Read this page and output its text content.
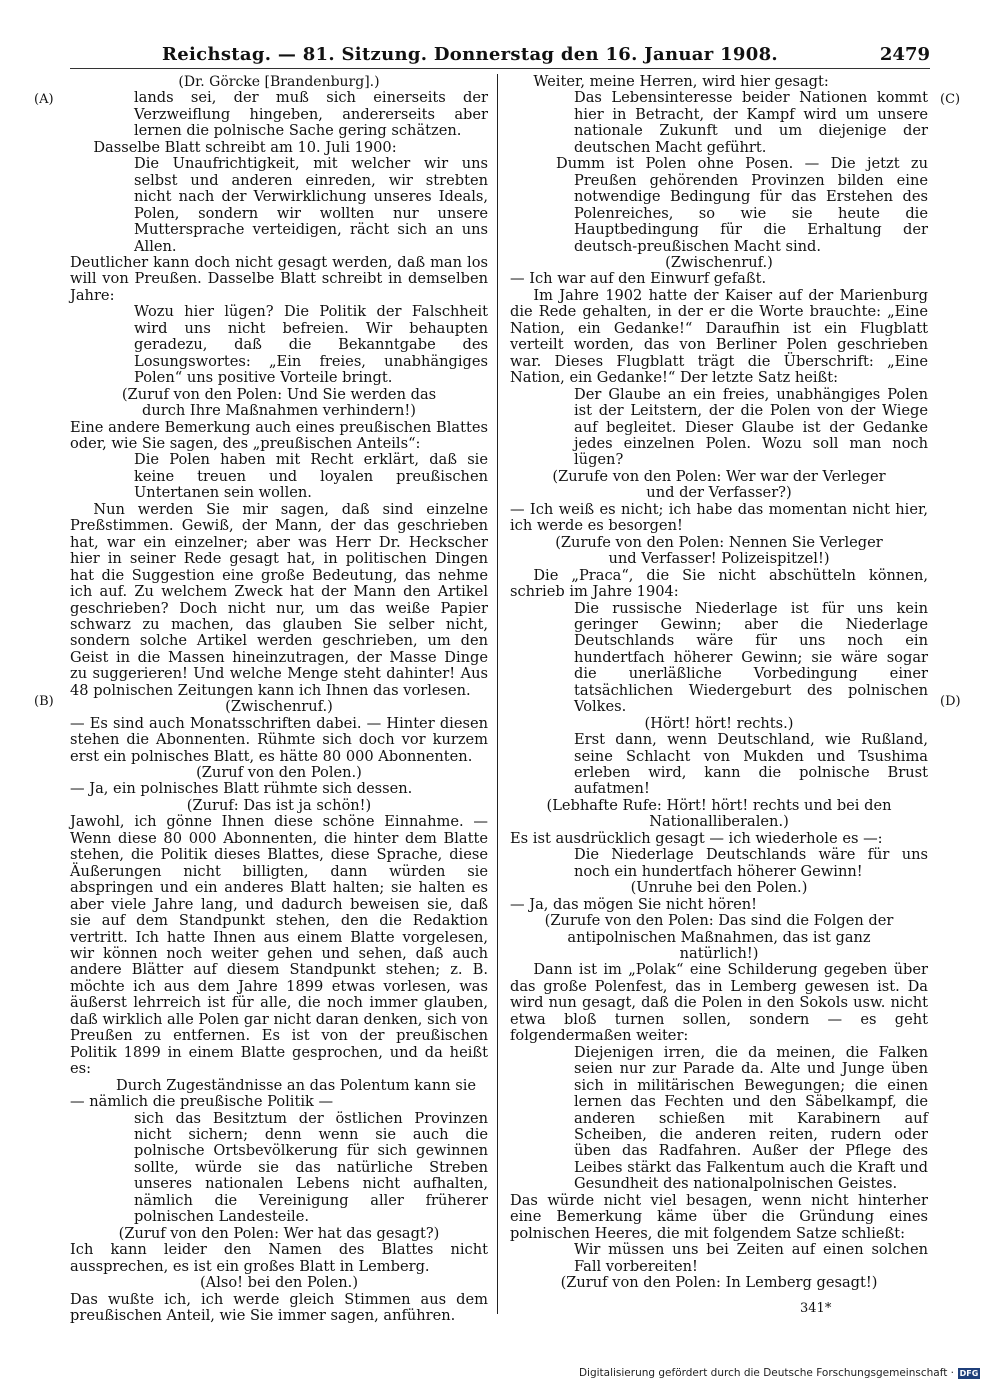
Reichstag. — 81. Sitzung. Donnerstag den 16. Januar 1908.	2479
(A)
(B)
(C)
(D)

(Dr. Görcke [Brandenburg].)

lands sei, der muß sich einerseits der Verzweiflung hingeben, andererseits aber lernen die polnische Sache gering schätzen.

Dasselbe Blatt schreibt am 10. Juli 1900:

Die Unaufrichtigkeit, mit welcher wir uns selbst und anderen einreden, wir strebten nicht nach der Verwirklichung unseres Ideals, Polen, sondern wir wollten nur unsere Muttersprache verteidigen, rächt sich an uns Allen.

Deutlicher kann doch nicht gesagt werden, daß man los will von Preußen. Dasselbe Blatt schreibt in demselben Jahre:

Wozu hier lügen? Die Politik der Falschheit wird uns nicht befreien. Wir behaupten geradezu, daß die Bekanntgabe des Losungswortes: „Ein freies, unabhängiges Polen“ uns positive Vorteile bringt.

(Zuruf von den Polen: Und Sie werden das durch Ihre Maßnahmen verhindern!)

Eine andere Bemerkung auch eines preußischen Blattes oder, wie Sie sagen, des „preußischen Anteils“:

Die Polen haben mit Recht erklärt, daß sie keine treuen und loyalen preußischen Untertanen sein wollen.

Nun werden Sie mir sagen, daß sind einzelne Preßstimmen. Gewiß, der Mann, der das geschrieben hat, war ein einzelner; aber was Herr Dr. Heckscher hier in seiner Rede gesagt hat, in politischen Dingen hat die Suggestion eine große Bedeutung, das nehme ich auf. Zu welchem Zweck hat der Mann den Artikel geschrieben? Doch nicht nur, um das weiße Papier schwarz zu machen, das glauben Sie selber nicht, sondern solche Artikel werden geschrieben, um den Geist in die Massen hineinzutragen, der Masse Dinge zu suggerieren! Und welche Menge steht dahinter! Aus 48 polnischen Zeitungen kann ich Ihnen das vorlesen.

(Zwischenruf.)

— Es sind auch Monatsschriften dabei. — Hinter diesen stehen die Abonnenten. Rühmte sich doch vor kurzem erst ein polnisches Blatt, es hätte 80 000 Abonnenten.

(Zuruf von den Polen.)

— Ja, ein polnisches Blatt rühmte sich dessen.

(Zuruf: Das ist ja schön!)

Jawohl, ich gönne Ihnen diese schöne Einnahme. — Wenn diese 80 000 Abonnenten, die hinter dem Blatte stehen, die Politik dieses Blattes, diese Sprache, diese Äußerungen nicht billigten, dann würden sie abspringen und ein anderes Blatt halten; sie halten es aber viele Jahre lang, und dadurch beweisen sie, daß sie auf dem Standpunkt stehen, den die Redaktion vertritt. Ich hatte Ihnen aus einem Blatte vorgelesen, wir können noch weiter gehen und sehen, daß auch andere Blätter auf diesem Standpunkt stehen; z. B. möchte ich aus dem Jahre 1899 etwas vorlesen, was äußerst lehrreich ist für alle, die noch immer glauben, daß wirklich alle Polen gar nicht daran denken, sich von Preußen zu entfernen. Es ist von der preußischen Politik 1899 in einem Blatte gesprochen, und da heißt es:

Durch Zugeständnisse an das Polentum kann sie

— nämlich die preußische Politik —

sich das Besitztum der östlichen Provinzen nicht sichern; denn wenn sie auch die polnische Ortsbevölkerung für sich gewinnen sollte, würde sie das natürliche Streben unseres nationalen Lebens nicht aufhalten, nämlich die Vereinigung aller früherer polnischen Landesteile.

(Zuruf von den Polen: Wer hat das gesagt?)

Ich kann leider den Namen des Blattes nicht aussprechen, es ist ein großes Blatt in Lemberg.

(Also! bei den Polen.)

Das wußte ich, ich werde gleich Stimmen aus dem preußischen Anteil, wie Sie immer sagen, anführen.

Weiter, meine Herren, wird hier gesagt:

Das Lebensinteresse beider Nationen kommt hier in Betracht, der Kampf wird um unsere nationale Zukunft und um diejenige der deutschen Macht geführt.

Dumm ist Polen ohne Posen. — Die jetzt zu Preußen gehörenden Provinzen bilden eine notwendige Bedingung für das Erstehen des Polenreiches, so wie sie heute die Hauptbedingung für die Erhaltung der deutsch-preußischen Macht sind.

(Zwischenruf.)

— Ich war auf den Einwurf gefaßt.

Im Jahre 1902 hatte der Kaiser auf der Marienburg die Rede gehalten, in der er die Worte brauchte: „Eine Nation, ein Gedanke!“ Daraufhin ist ein Flugblatt verteilt worden, das von Berliner Polen geschrieben war. Dieses Flugblatt trägt die Überschrift: „Eine Nation, ein Gedanke!“ Der letzte Satz heißt:

Der Glaube an ein freies, unabhängiges Polen ist der Leitstern, der die Polen von der Wiege auf begleitet. Dieser Glaube ist der Gedanke jedes einzelnen Polen. Wozu soll man noch lügen?

(Zurufe von den Polen: Wer war der Verleger und der Verfasser?)

— Ich weiß es nicht; ich habe das momentan nicht hier, ich werde es besorgen!

(Zurufe von den Polen: Nennen Sie Verleger und Verfasser! Polizeispitzel!)

Die „Praca“, die Sie nicht abschütteln können, schrieb im Jahre 1904:

Die russische Niederlage ist für uns kein geringer Gewinn; aber die Niederlage Deutschlands wäre für uns noch ein hundertfach höherer Gewinn; sie wäre sogar die unerläßliche Vorbedingung einer tatsächlichen Wiedergeburt des polnischen Volkes.

(Hört! hört! rechts.)

Erst dann, wenn Deutschland, wie Rußland, seine Schlacht von Mukden und Tsushima erleben wird, kann die polnische Brust aufatmen!

(Lebhafte Rufe: Hört! hört! rechts und bei den Nationalliberalen.)

Es ist ausdrücklich gesagt — ich wiederhole es —:

Die Niederlage Deutschlands wäre für uns noch ein hundertfach höherer Gewinn!

(Unruhe bei den Polen.)

— Ja, das mögen Sie nicht hören!

(Zurufe von den Polen: Das sind die Folgen der antipolnischen Maßnahmen, das ist ganz natürlich!)

Dann ist im „Polak“ eine Schilderung gegeben über das große Polenfest, das in Lemberg gewesen ist. Da wird nun gesagt, daß die Polen in den Sokols usw. nicht etwa bloß turnen sollen, sondern — es geht folgendermaßen weiter:

Diejenigen irren, die da meinen, die Falken seien nur zur Parade da. Alte und Junge üben sich in militärischen Bewegungen; die einen lernen das Fechten und den Säbelkampf, die anderen schießen mit Karabinern auf Scheiben, die anderen reiten, rudern oder üben das Radfahren. Außer der Pflege des Leibes stärkt das Falkentum auch die Kraft und Gesundheit des nationalpolnischen Geistes.

Das würde nicht viel besagen, wenn nicht hinterher eine Bemerkung käme über die Gründung eines polnischen Heeres, die mit folgendem Satze schließt:

Wir müssen uns bei Zeiten auf einen solchen Fall vorbereiten!

(Zuruf von den Polen: In Lemberg gesagt!)

341*
Digitalisierung gefördert durch die Deutsche Forschungsgemeinschaft · DFG
